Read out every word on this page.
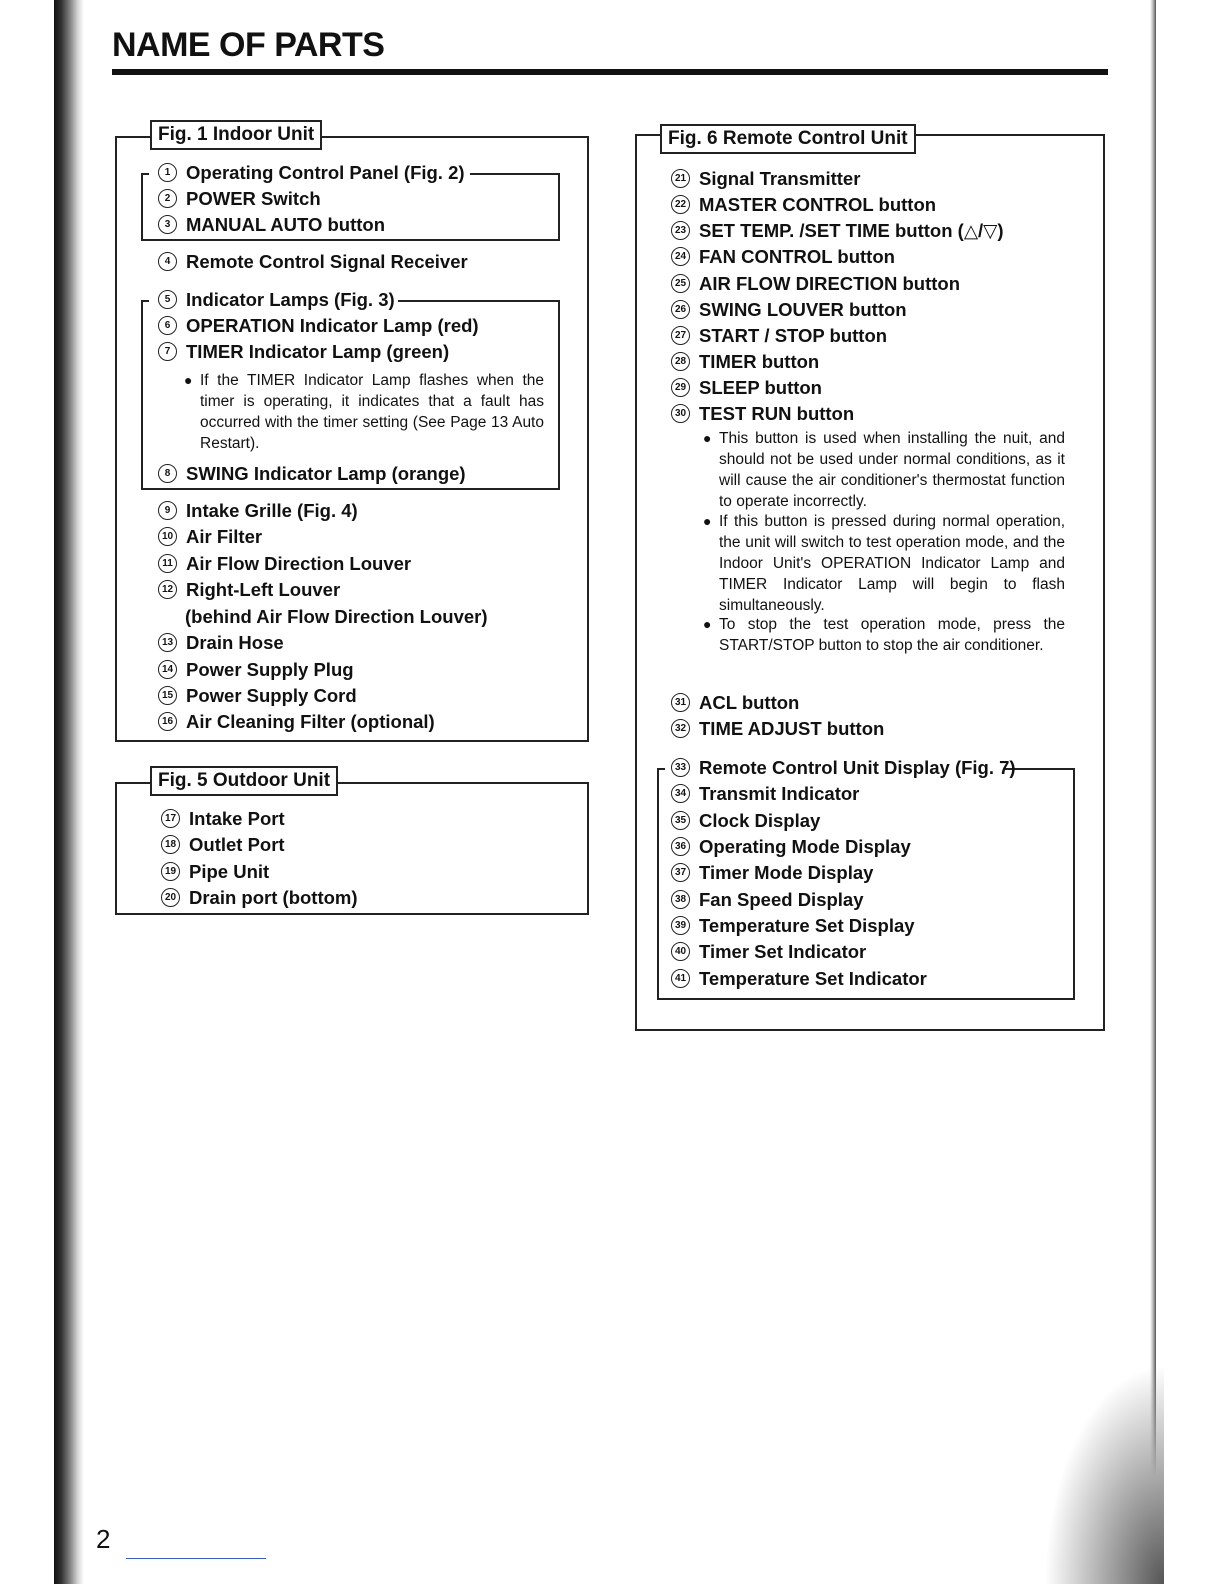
NAME OF PARTS
Fig. 1 Indoor Unit
1 Operating Control Panel (Fig. 2)
2 POWER Switch
3 MANUAL AUTO button
4 Remote Control Signal Receiver
5 Indicator Lamps (Fig. 3)
6 OPERATION Indicator Lamp (red)
7 TIMER Indicator Lamp (green)
● If the TIMER Indicator Lamp flashes when the timer is operating, it indicates that a fault has occurred with the timer setting (See Page 13 Auto Restart).
8 SWING Indicator Lamp (orange)
9 Intake Grille (Fig. 4)
10 Air Filter
11 Air Flow Direction Louver
12 Right-Left Louver
(behind Air Flow Direction Louver)
13 Drain Hose
14 Power Supply Plug
15 Power Supply Cord
16 Air Cleaning Filter (optional)
Fig. 5 Outdoor Unit
17 Intake Port
18 Outlet Port
19 Pipe Unit
20 Drain port (bottom)
Fig. 6 Remote Control Unit
21 Signal Transmitter
22 MASTER CONTROL button
23 SET TEMP. /SET TIME button (△/▽)
24 FAN CONTROL button
25 AIR FLOW DIRECTION button
26 SWING LOUVER button
27 START / STOP button
28 TIMER button
29 SLEEP button
30 TEST RUN button
● This button is used when installing the nuit, and should not be used under normal conditions, as it will cause the air conditioner's thermostat function to operate incorrectly.
● If this button is pressed during normal operation, the unit will switch to test operation mode, and the Indoor Unit's OPERATION Indicator Lamp and TIMER Indicator Lamp will begin to flash simultaneously.
● To stop the test operation mode, press the START/STOP button to stop the air conditioner.
31 ACL button
32 TIME ADJUST button
33 Remote Control Unit Display (Fig. 7)
34 Transmit Indicator
35 Clock Display
36 Operating Mode Display
37 Timer Mode Display
38 Fan Speed Display
39 Temperature Set Display
40 Timer Set Indicator
41 Temperature Set Indicator
2
